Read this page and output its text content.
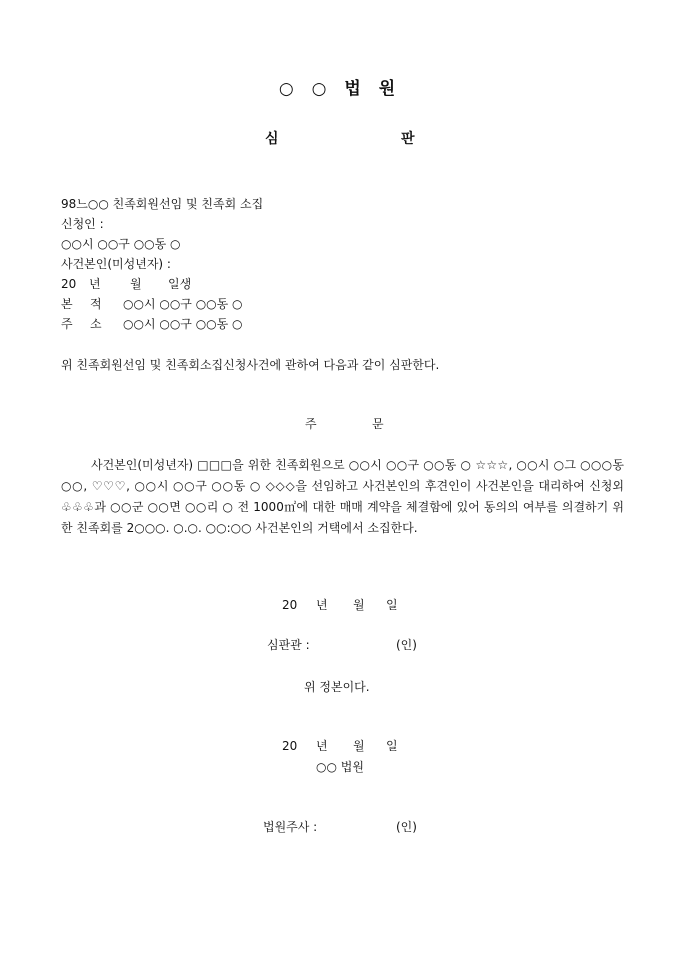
○ ○ 법 원
심	판
98느○○ 친족회원선임 및 친족회 소집
신청인 :
○○시 ○○구 ○○동 ○
사건본인(미성년자) :
20 년 월 일생
본 적 ○○시 ○○구 ○○동 ○
주 소 ○○시 ○○구 ○○동 ○
위 친족회원선임 및 친족회소집신청사건에 관하여 다음과 같이 심판한다.
주	문
사건본인(미성년자) □□□을 위한 친족회원으로 ○○시 ○○구 ○○동 ○ ☆☆☆, ○○시 ○그 ○○○동 ○○, ♡♡♡, ○○시 ○○구 ○○동 ○ ◇◇◇을 선임하고 사건본인의 후견인이 사건본인을 대리하여 신청외 ♧♧♧과 ○○군 ○○면 ○○리 ○ 전 1000㎡에 대한 매매 계약을 체결함에 있어 동의의 여부를 의결하기 위한 친족회를 2○○○. ○.○. ○○:○○ 사건본인의 거택에서 소집한다.
20 년 월 일
심판관 :	(인)
위 정본이다.
20 년 월 일
○○ 법원
법원주사 :	(인)
